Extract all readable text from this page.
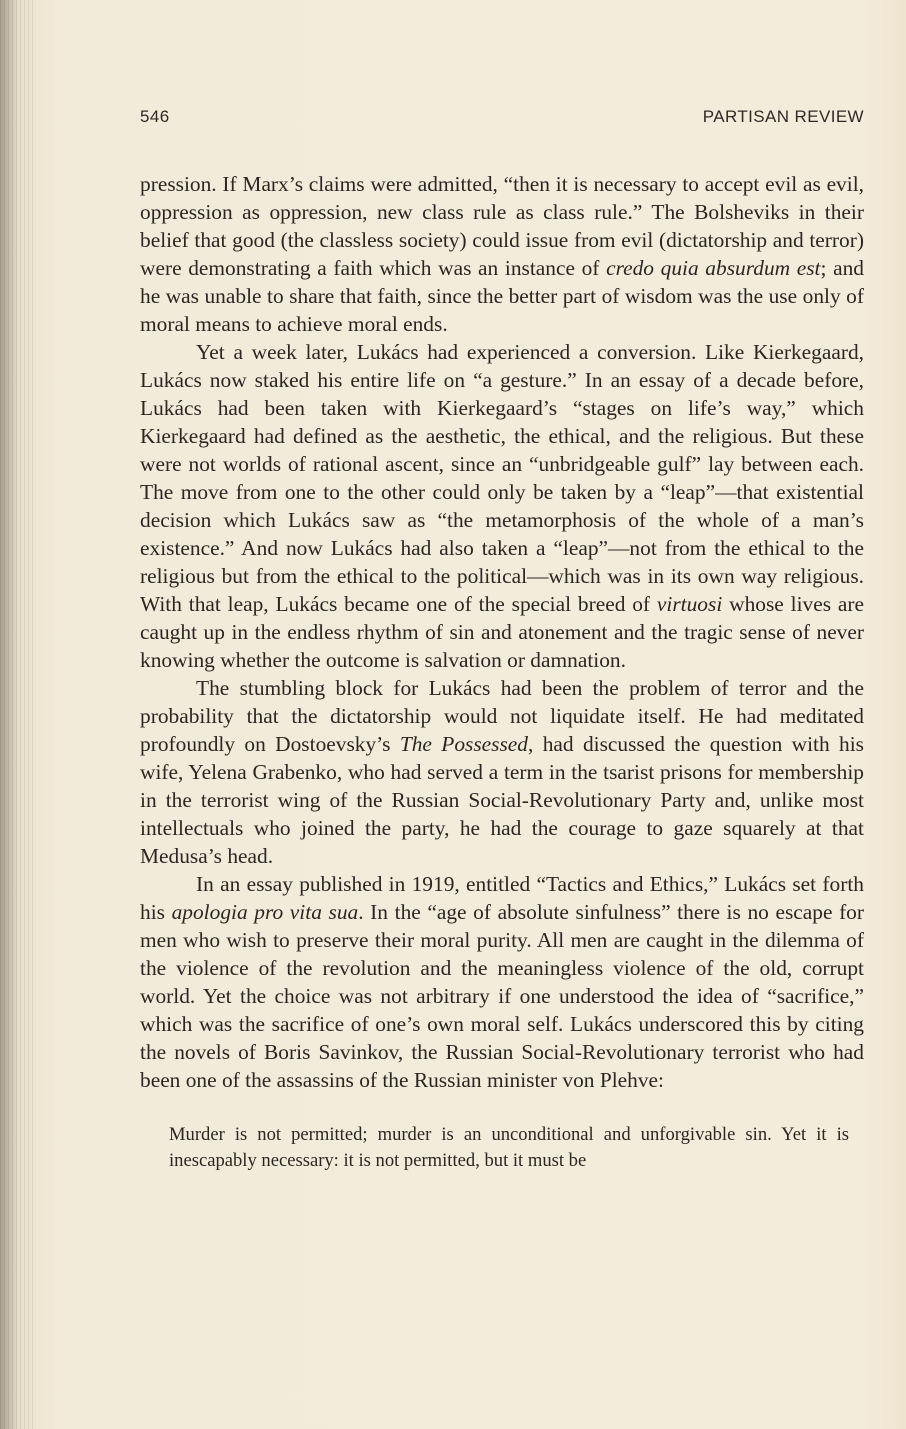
546	PARTISAN REVIEW

pression. If Marx’s claims were admitted, “then it is necessary to accept evil as evil, oppression as oppression, new class rule as class rule.” The Bolsheviks in their belief that good (the classless society) could issue from evil (dictatorship and terror) were demonstrating a faith which was an instance of credo quia absurdum est; and he was unable to share that faith, since the better part of wisdom was the use only of moral means to achieve moral ends.

Yet a week later, Lukács had experienced a conversion. Like Kierkegaard, Lukács now staked his entire life on “a gesture.” In an essay of a decade before, Lukács had been taken with Kierkegaard’s “stages on life’s way,” which Kierkegaard had defined as the aesthetic, the ethical, and the religious. But these were not worlds of rational ascent, since an “unbridgeable gulf” lay between each. The move from one to the other could only be taken by a “leap”—that existential decision which Lukács saw as “the metamorphosis of the whole of a man’s existence.” And now Lukács had also taken a “leap”—not from the ethical to the religious but from the ethical to the political—which was in its own way religious. With that leap, Lukács became one of the special breed of virtuosi whose lives are caught up in the endless rhythm of sin and atonement and the tragic sense of never knowing whether the outcome is salvation or damnation.

The stumbling block for Lukács had been the problem of terror and the probability that the dictatorship would not liquidate itself. He had meditated profoundly on Dostoevsky’s The Possessed, had discussed the question with his wife, Yelena Grabenko, who had served a term in the tsarist prisons for membership in the terrorist wing of the Russian Social-Revolutionary Party and, unlike most intellectuals who joined the party, he had the courage to gaze squarely at that Medusa’s head.

In an essay published in 1919, entitled “Tactics and Ethics,” Lukács set forth his apologia pro vita sua. In the “age of absolute sinfulness” there is no escape for men who wish to preserve their moral purity. All men are caught in the dilemma of the violence of the revolution and the meaningless violence of the old, corrupt world. Yet the choice was not arbitrary if one understood the idea of “sacrifice,” which was the sacrifice of one’s own moral self. Lukács underscored this by citing the novels of Boris Savinkov, the Russian Social-Revolutionary terrorist who had been one of the assassins of the Russian minister von Plehve:

Murder is not permitted; murder is an unconditional and unforgivable sin. Yet it is inescapably necessary: it is not permitted, but it must be
